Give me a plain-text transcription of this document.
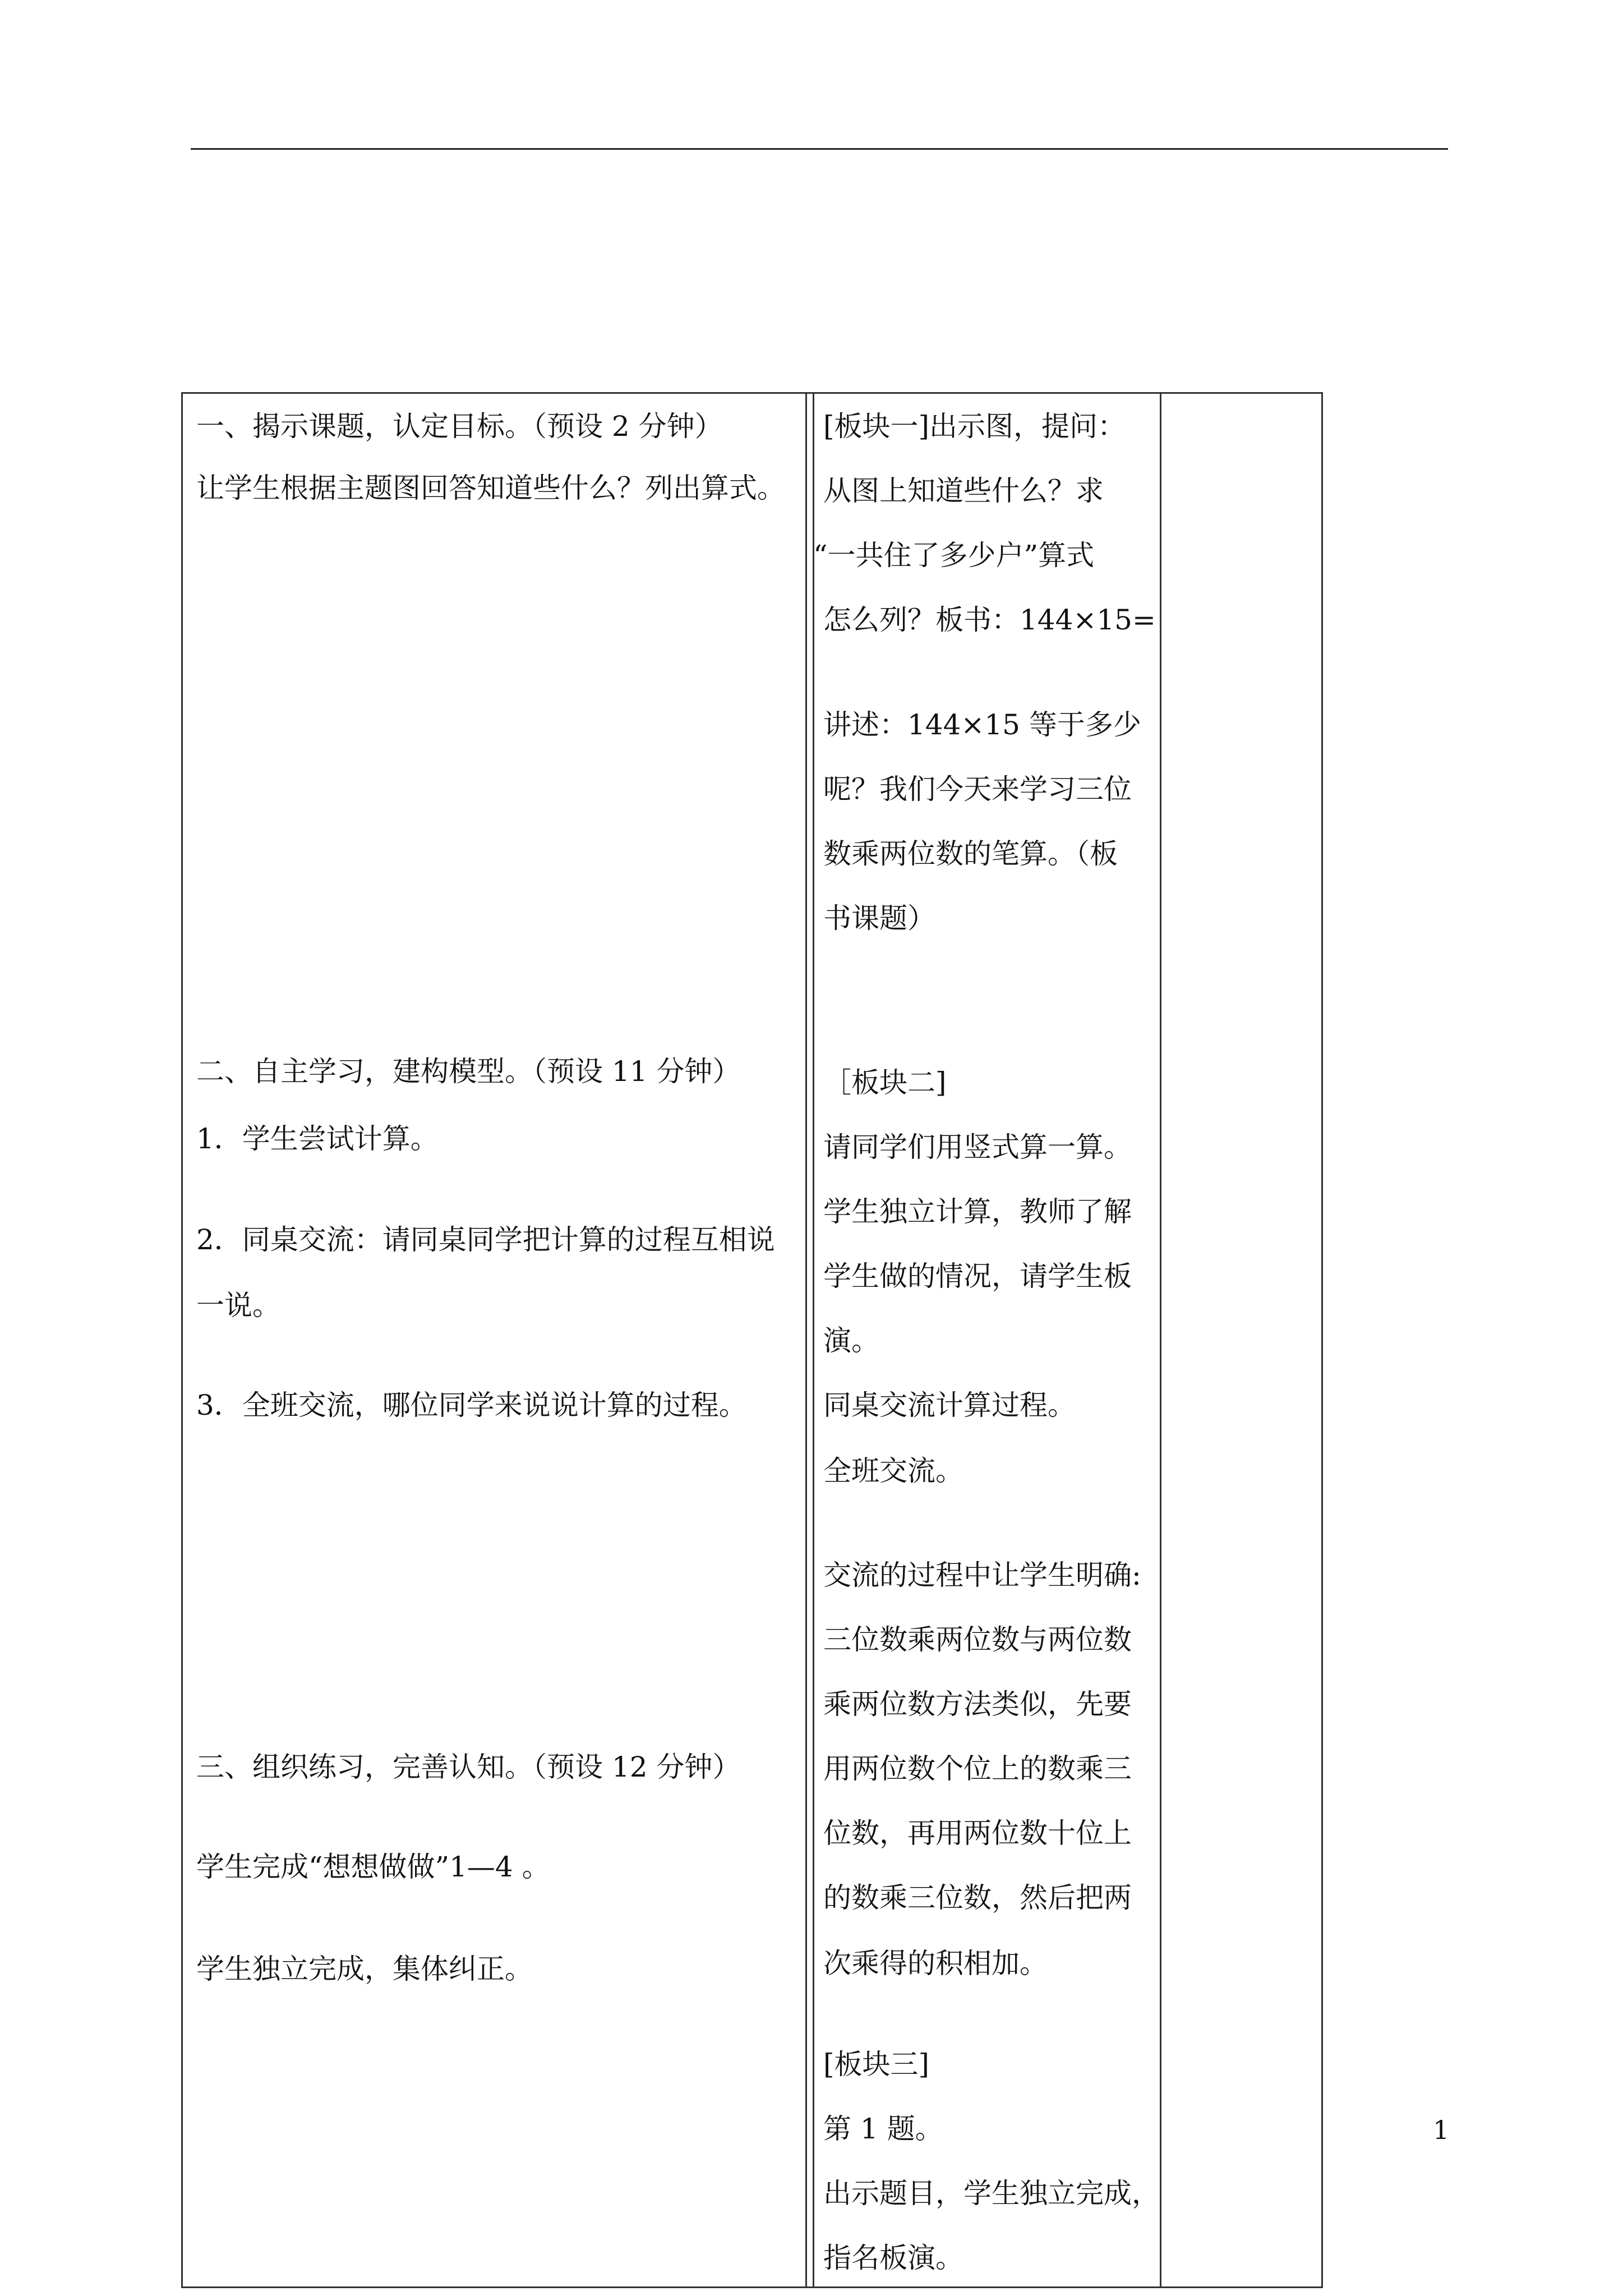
一、揭示课题，认定目标。（预设 2 分钟）
让学生根据主题图回答知道些什么？列出算式。
二、自主学习，建构模型。（预设 11 分钟）
1．学生尝试计算。
2．同桌交流：请同桌同学把计算的过程互相说
一说。
3．全班交流，哪位同学来说说计算的过程。
三、组织练习，完善认知。（预设 12 分钟）
学生完成“想想做做”1—4 。
学生独立完成，集体纠正。
[板块一]出示图，提问：
从图上知道些什么？求
“一共住了多少户”算式
怎么列？板书：144×15=
讲述：144×15 等于多少
呢？我们今天来学习三位
数乘两位数的笔算。（板
书课题）
［板块二]
请同学们用竖式算一算。
学生独立计算，教师了解
学生做的情况，请学生板
演。
同桌交流计算过程。
全班交流。
交流的过程中让学生明确:
三位数乘两位数与两位数
乘两位数方法类似，先要
用两位数个位上的数乘三
位数，再用两位数十位上
的数乘三位数，然后把两
次乘得的积相加。
[板块三]
第 1 题。
出示题目，学生独立完成，
指名板演。
1
